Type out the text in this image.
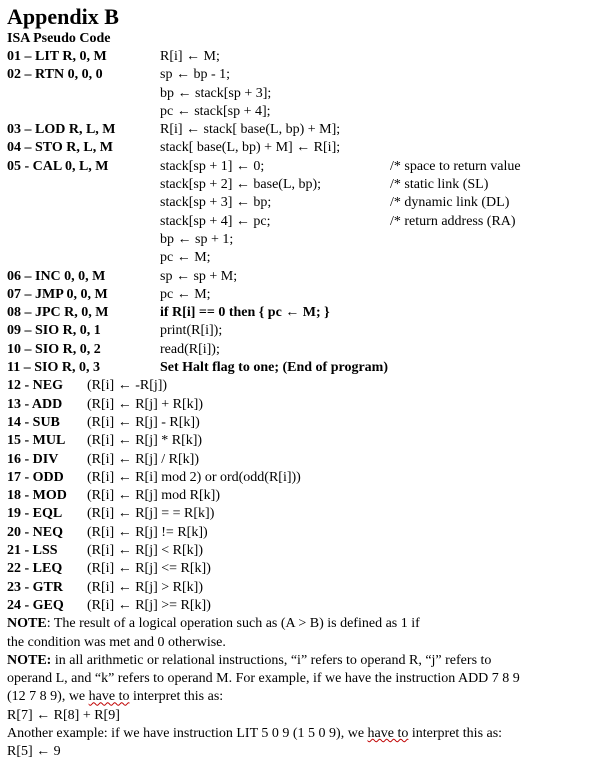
Appendix B
ISA Pseudo Code
01 – LIT R, 0, M	R[i] ← M;
02 – RTN 0, 0, 0	sp ← bp - 1;
bp ← stack[sp + 3];
pc ← stack[sp + 4];
03 – LOD R, L, M	R[i] ← stack[ base(L, bp) + M];
04 – STO R, L, M	stack[ base(L, bp) + M] ← R[i];
05 - CAL 0, L, M	stack[sp + 1] ← 0;	/* space to return value
stack[sp + 2] ← base(L, bp);	/* static link (SL)
stack[sp + 3] ← bp;	/* dynamic link (DL)
stack[sp + 4] ← pc;	/* return address (RA)
bp ← sp + 1;
pc ← M;
06 – INC 0, 0, M	sp ← sp + M;
07 – JMP 0, 0, M	pc ← M;
08 – JPC R, 0, M	if R[i] == 0 then { pc ← M; }
09 – SIO R, 0, 1	print(R[i]);
10 – SIO R, 0, 2	read(R[i]);
11 – SIO R, 0, 3	Set Halt flag to one; (End of program)
12 - NEG (R[i] ← -R[j])
13 - ADD (R[i] ← R[j] + R[k])
14 - SUB (R[i] ← R[j] - R[k])
15 - MUL (R[i] ← R[j] * R[k])
16 - DIV (R[i] ← R[j] / R[k])
17 - ODD (R[i] ← R[i] mod 2) or ord(odd(R[i]))
18 - MOD (R[i] ← R[j] mod R[k])
19 - EQL (R[i] ← R[j] = = R[k])
20 - NEQ (R[i] ← R[j] != R[k])
21 - LSS (R[i] ← R[j] < R[k])
22 - LEQ (R[i] ← R[j] <= R[k])
23 - GTR (R[i] ← R[j] > R[k])
24 - GEQ (R[i] ← R[j] >= R[k])
NOTE: The result of a logical operation such as (A > B) is defined as 1 if
the condition was met and 0 otherwise.
NOTE: in all arithmetic or relational instructions, “i” refers to operand R, “j” refers to
operand L, and “k” refers to operand M. For example, if we have the instruction ADD 7 8 9
(12 7 8 9), we have to interpret this as:
R[7] ← R[8] + R[9]
Another example: if we have instruction LIT 5 0 9 (1 5 0 9), we have to interpret this as:
R[5] ← 9
